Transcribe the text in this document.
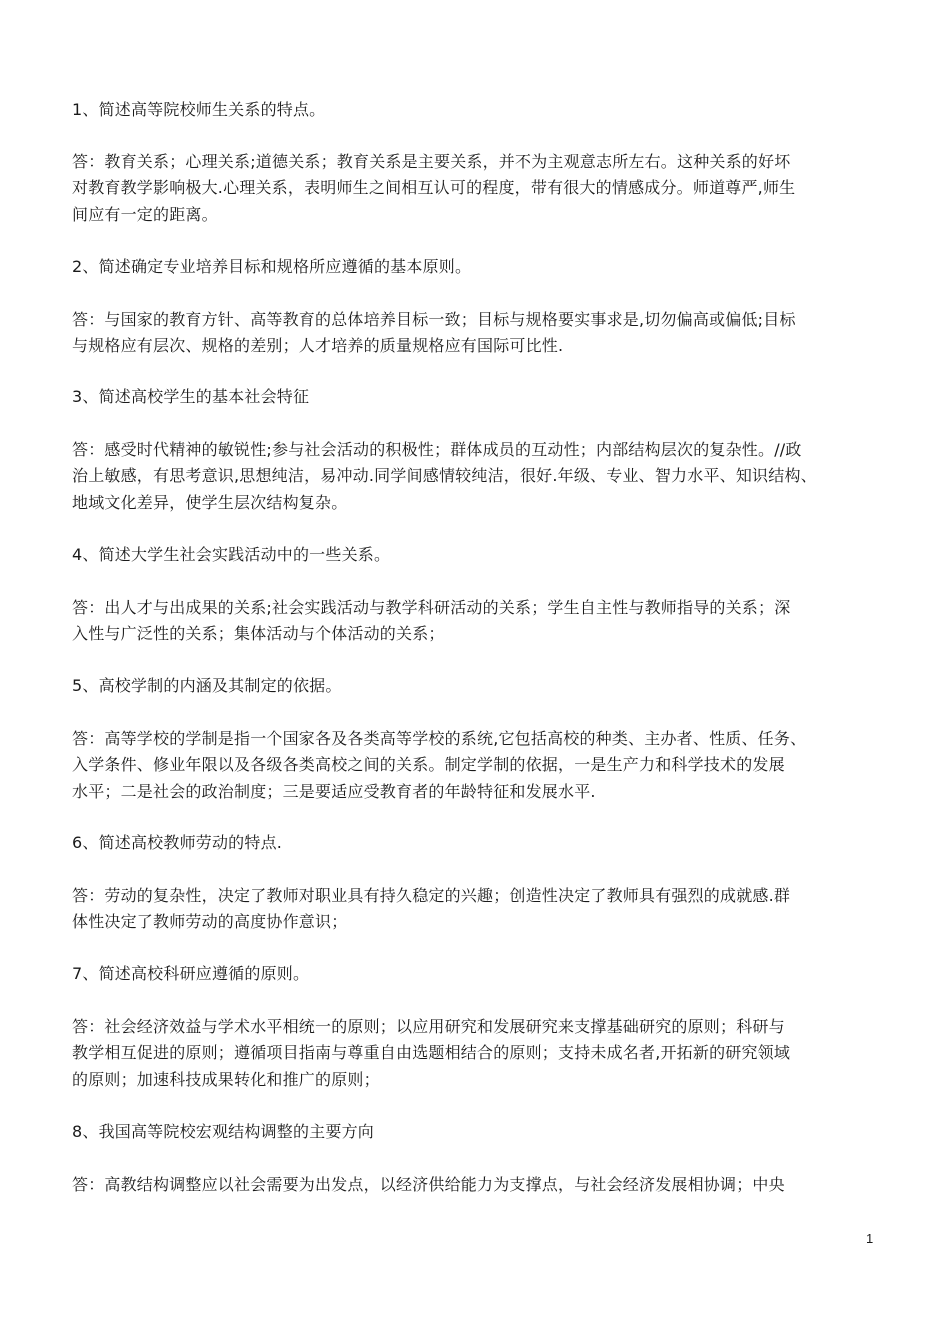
1、简述高等院校师生关系的特点。
答：教育关系；心理关系;道德关系；教育关系是主要关系，并不为主观意志所左右。这种关系的好坏
对教育教学影响极大.心理关系，表明师生之间相互认可的程度，带有很大的情感成分。师道尊严,师生
间应有一定的距离。
2、简述确定专业培养目标和规格所应遵循的基本原则。
答：与国家的教育方针、高等教育的总体培养目标一致；目标与规格要实事求是,切勿偏高或偏低;目标
与规格应有层次、规格的差别；人才培养的质量规格应有国际可比性.
3、简述高校学生的基本社会特征
答：感受时代精神的敏锐性;参与社会活动的积极性；群体成员的互动性；内部结构层次的复杂性。//政
治上敏感，有思考意识,思想纯洁，易冲动.同学间感情较纯洁，很好.年级、专业、智力水平、知识结构、
地域文化差异，使学生层次结构复杂。
4、简述大学生社会实践活动中的一些关系。
答：出人才与出成果的关系;社会实践活动与教学科研活动的关系；学生自主性与教师指导的关系；深
入性与广泛性的关系；集体活动与个体活动的关系；
5、高校学制的内涵及其制定的依据。
答：高等学校的学制是指一个国家各及各类高等学校的系统,它包括高校的种类、主办者、性质、任务、
入学条件、修业年限以及各级各类高校之间的关系。制定学制的依据，一是生产力和科学技术的发展
水平；二是社会的政治制度；三是要适应受教育者的年龄特征和发展水平.
6、简述高校教师劳动的特点.
答：劳动的复杂性，决定了教师对职业具有持久稳定的兴趣；创造性决定了教师具有强烈的成就感.群
体性决定了教师劳动的高度协作意识；
7、简述高校科研应遵循的原则。
答：社会经济效益与学术水平相统一的原则；以应用研究和发展研究来支撑基础研究的原则；科研与
教学相互促进的原则；遵循项目指南与尊重自由选题相结合的原则；支持未成名者,开拓新的研究领域
的原则；加速科技成果转化和推广的原则；
8、我国高等院校宏观结构调整的主要方向
答：高教结构调整应以社会需要为出发点，以经济供给能力为支撑点，与社会经济发展相协调；中央
1
